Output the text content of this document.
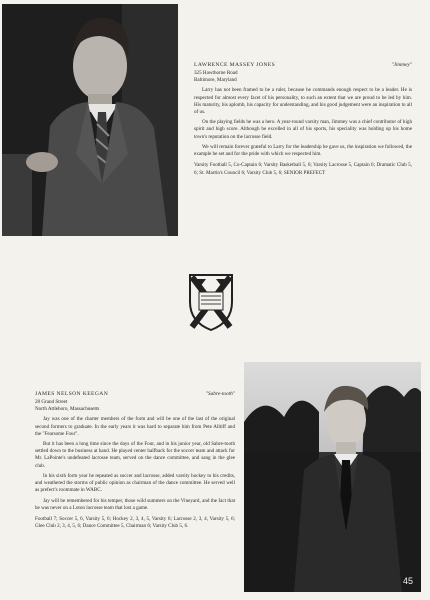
LAWRENCE MASSEY JONES	"Jimmey"

325 Hawthorne Road

Baltimore, Maryland

Larry has not been framed to be a ruler, because he commands enough respect to be a leader. He is respected for almost every facet of his personality, to such an extent that we are proud to be led by him. His maturity, his aplomb, his capacity for understanding, and his good judgement were an inspiration to all of us.

On the playing fields he was a hero. A year-round varsity man, Jimmey was a chief contributor of high spirit and high score. Although he excelled in all of his sports, his speciality was holding up his home town's reputation on the lacrosse field.

We will remain forever grateful to Larry for the leadership he gave us, the inspiration we followed, the example he set and for the pride with which we respected him.

Varsity Football 5, Co-Captain 6; Varsity Basketball 5, 6; Varsity Lacrosse 5, Captain 6; Dramatic Club 5, 6; St. Martin's Council 6; Varsity Club 5, 6; SENIOR PREFECT

JAMES NELSON KEEGAN	"Sabre-tooth"

28 Grand Street

North Attleboro, Massachusetts

Jay was one of the charter members of the form and will be one of the last of the original second formers to graduate. In the early years it was hard to separate him from Pete Alltiff and the "Fearsome Four".

But it has been a long time since the days of the Four, and in his junior year, old Sabre-tooth settled down to the business at hand. He played center halfback for the soccer team and attack for Mr. LaPointe's undefeated lacrosse team, served on the dance committee, and sang in the glee club.

In his sixth form year he repeated as soccer and lacrosse, added varsity hockey to his credits, and weathered the storms of public opinion as chairman of the dance committee. He served well as prefect's roommate in WABC.

Jay will be remembered for his temper, those wild summers on the Vineyard, and the fact that he was never on a Loton lacrosse team that lost a game.

Football 7; Soccer 5, 6, Varsity 5, 6; Hockey 2, 3, 4, 5, Varsity 6; Lacrosse 2, 3, 4, Varsity 5, 6; Glee Club 2, 3, 4, 5, 6; Dance Committee 5, Chairman 6; Varsity Club 5, 6.

45
